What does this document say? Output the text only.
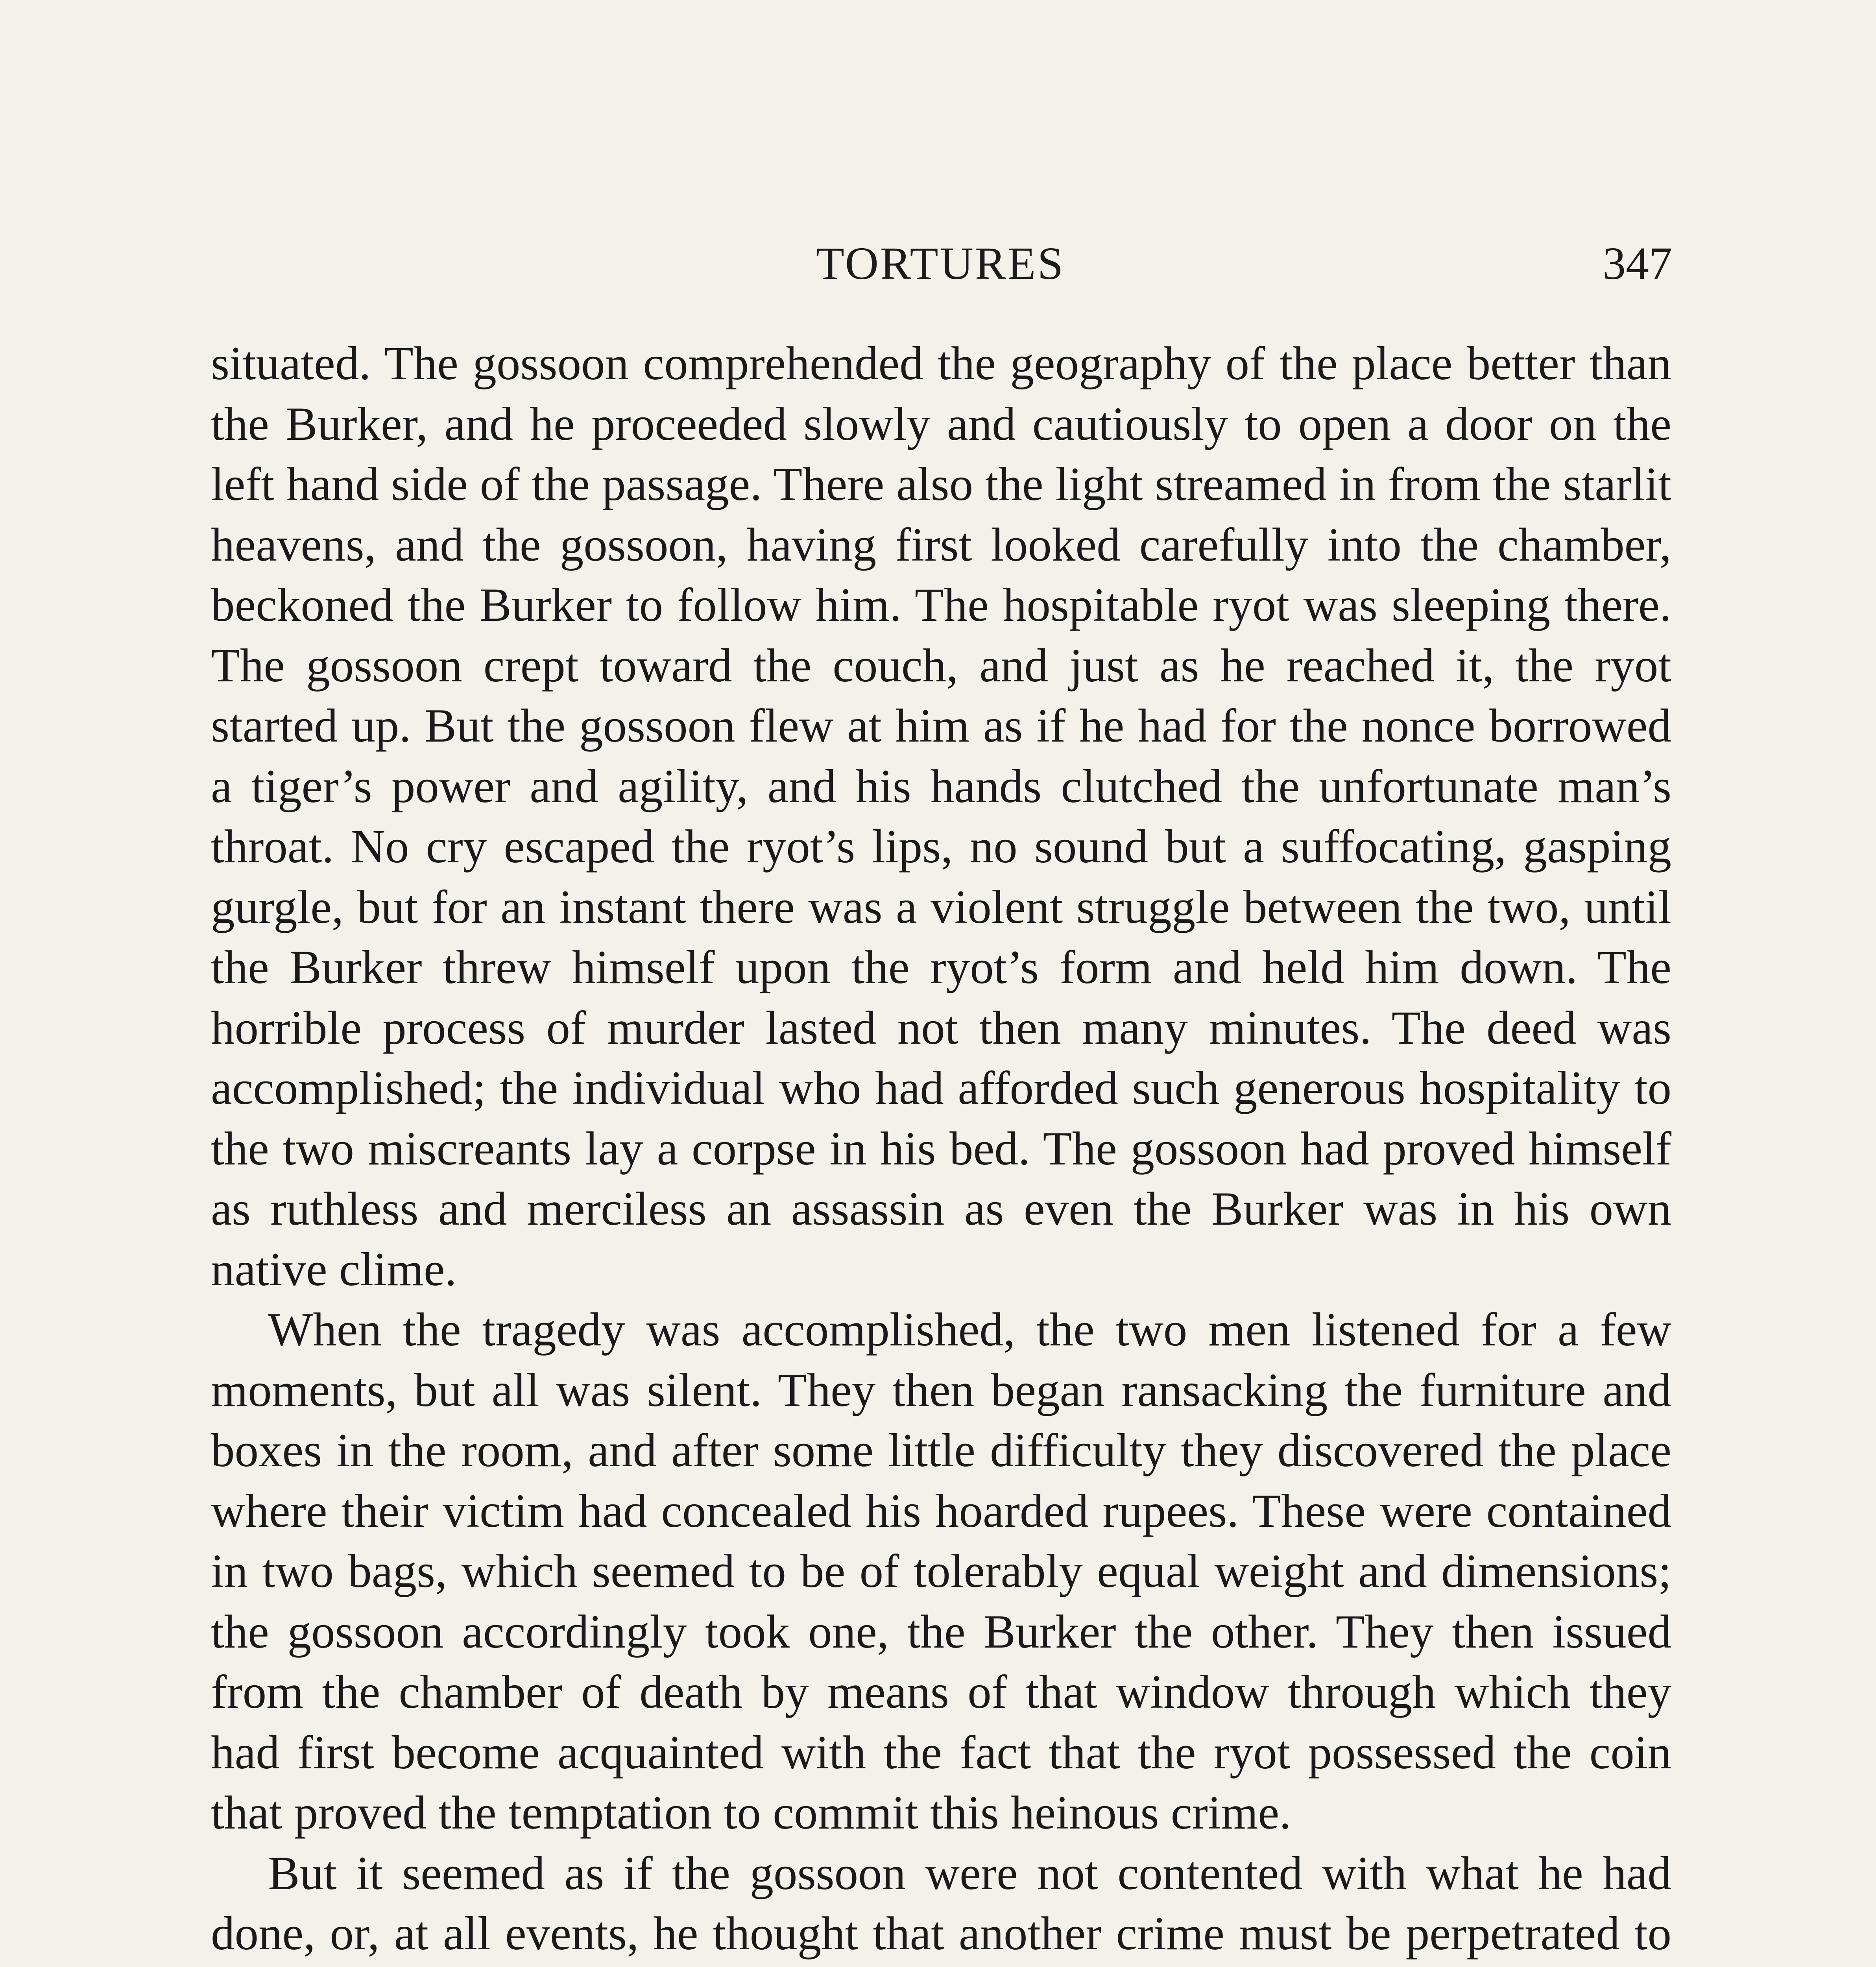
TORTURES	347

situated. The gossoon comprehended the geography of the place better than the Burker, and he proceeded slowly and cautiously to open a door on the left hand side of the passage. There also the light streamed in from the starlit heavens, and the gossoon, having first looked carefully into the chamber, beckoned the Burker to follow him. The hospitable ryot was sleeping there. The gossoon crept toward the couch, and just as he reached it, the ryot started up. But the gossoon flew at him as if he had for the nonce borrowed a tiger’s power and agility, and his hands clutched the unfortunate man’s throat. No cry escaped the ryot’s lips, no sound but a suffocating, gasping gurgle, but for an instant there was a violent struggle between the two, until the Burker threw himself upon the ryot’s form and held him down. The horrible process of murder lasted not then many minutes. The deed was accomplished; the individual who had afforded such generous hospitality to the two miscreants lay a corpse in his bed. The gossoon had proved himself as ruthless and merciless an assassin as even the Burker was in his own native clime.

When the tragedy was accomplished, the two men listened for a few moments, but all was silent. They then began ransacking the furniture and boxes in the room, and after some little difficulty they discovered the place where their victim had concealed his hoarded rupees. These were contained in two bags, which seemed to be of tolerably equal weight and dimensions; the gossoon accordingly took one, the Burker the other. They then issued from the chamber of death by means of that window through which they had first become acquainted with the fact that the ryot possessed the coin that proved the temptation to commit this heinous crime.

But it seemed as if the gossoon were not contented with what he had done, or, at all events, he thought that another crime must be perpetrated to
